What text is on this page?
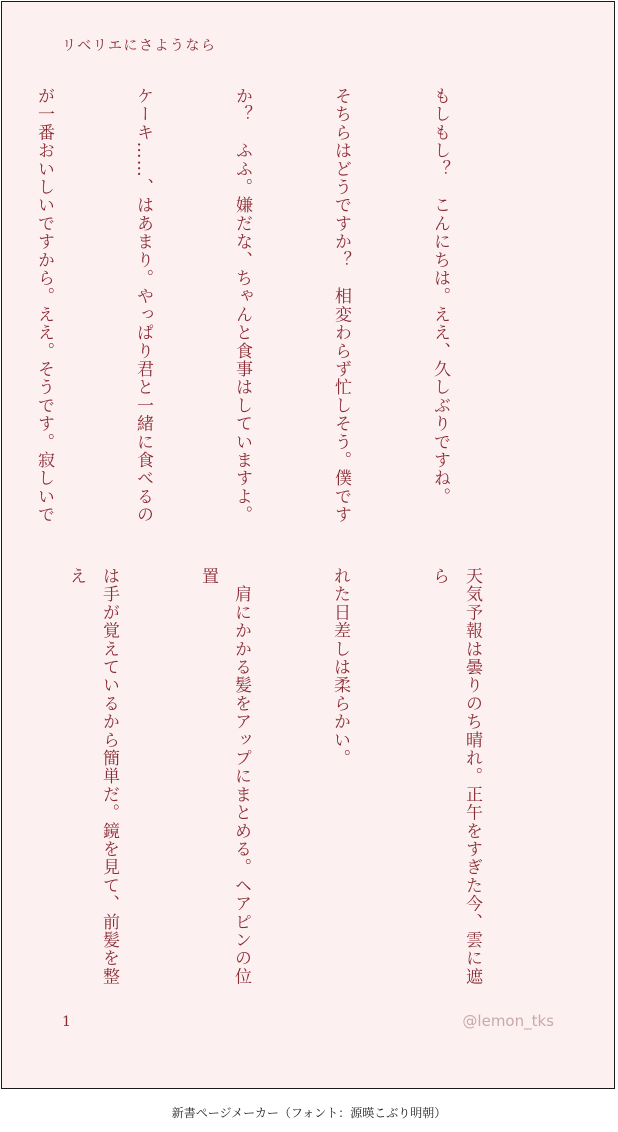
リベリエにさようなら

もしもし？　こんにちは。ええ、久しぶりですね。

そちらはどうですか？　相変わらず忙しそう。僕です

か？　ふふ。嫌だな、ちゃんと食事はしていますよ。

ケーキ……、はあまり。やっぱり君と一緒に食べるの

が一番おいしいですから。ええ。そうです。寂しいで

天気予報は曇りのち晴れ。正午をすぎた今、雲に遮ら

れた日差しは柔らかい。

　肩にかかる髪をアップにまとめる。ヘアピンの位置

は手が覚えているから簡単だ。鏡を見て、前髪を整え

1	@lemon_tks
新書ページメーカー（フォント：源暎こぶり明朝）
